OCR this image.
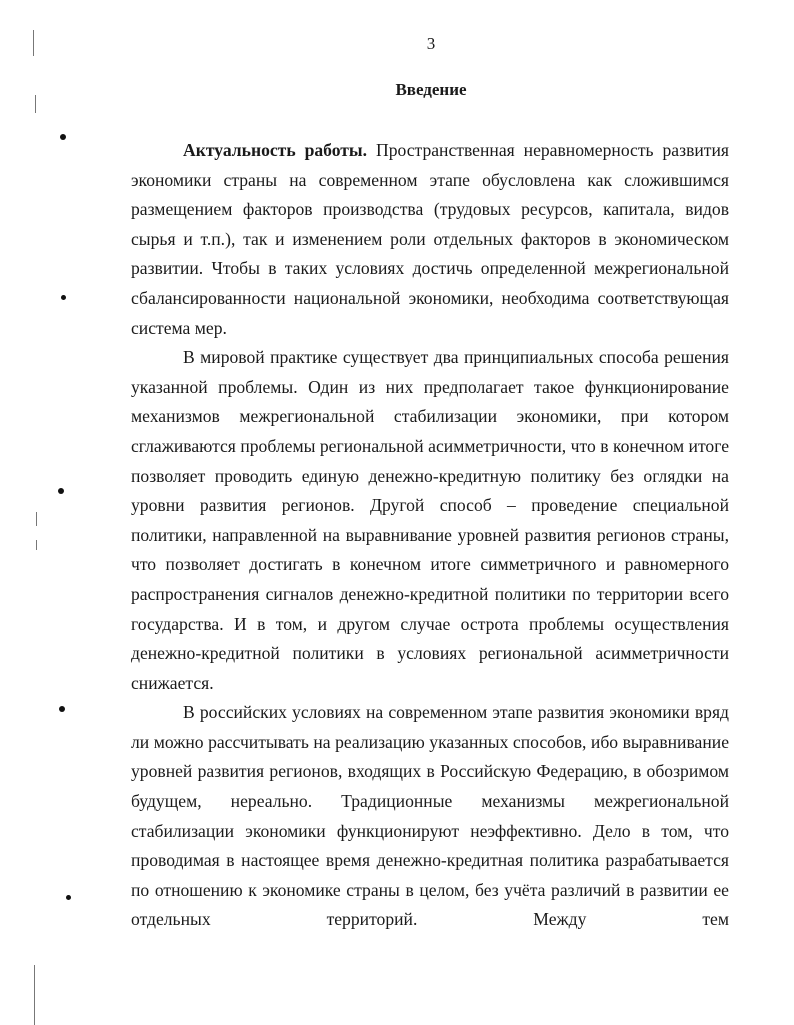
3
Введение

Актуальность работы. Пространственная неравномерность развития экономики страны на современном этапе обусловлена как сложившимся размещением факторов производства (трудовых ресурсов, капитала, видов сырья и т.п.), так и изменением роли отдельных факторов в экономическом развитии. Чтобы в таких условиях достичь определенной межрегиональной сбалансированности национальной экономики, необходима соответствующая система мер.

В мировой практике существует два принципиальных способа решения указанной проблемы. Один из них предполагает такое функционирование механизмов межрегиональной стабилизации экономики, при котором сглаживаются проблемы региональной асимметричности, что в конечном итоге позволяет проводить единую денежно-кредитную политику без оглядки на уровни развития регионов. Другой способ – проведение специальной политики, направленной на выравнивание уровней развития регионов страны, что позволяет достигать в конечном итоге симметричного и равномерного распространения сигналов денежно-кредитной политики по территории всего государства. И в том, и другом случае острота проблемы осуществления денежно-кредитной политики в условиях региональной асимметричности снижается.

В российских условиях на современном этапе развития экономики вряд ли можно рассчитывать на реализацию указанных способов, ибо выравнивание уровней развития регионов, входящих в Российскую Федерацию, в обозримом будущем, нереально. Традиционные механизмы межрегиональной стабилизации экономики функционируют неэффективно. Дело в том, что проводимая в настоящее время денежно-кредитная политика разрабатывается по отношению к экономике страны в целом, без учёта различий в развитии ее отдельных территорий. Между тем
